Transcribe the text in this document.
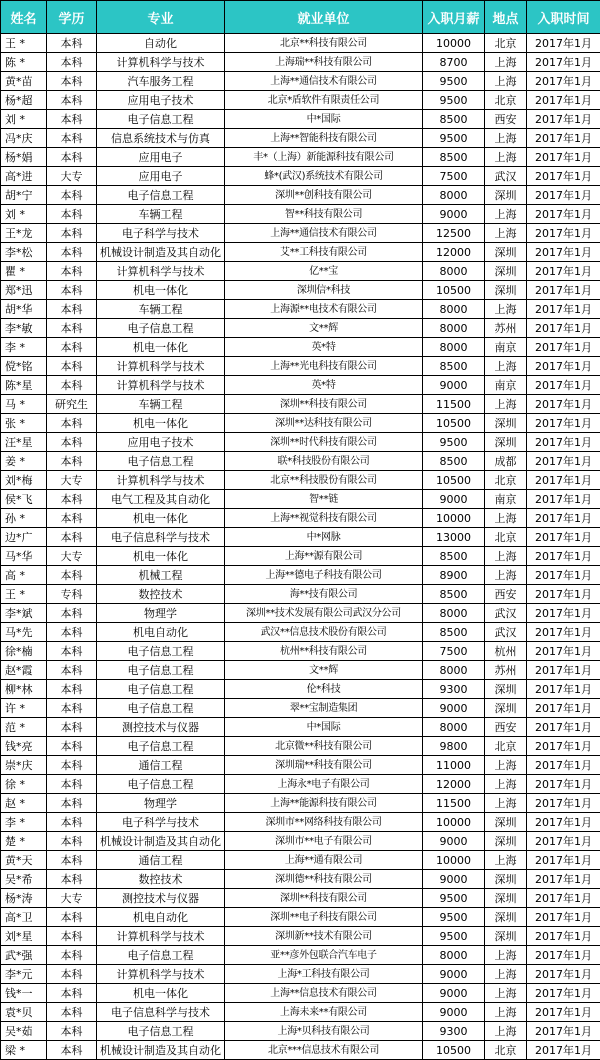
姓名	学历	专业	就业单位	入职月薪	地点	入职时间
王 *	本科	自动化	北京**科技有限公司	10000	北京	2017年1月
陈 *	本科	计算机科学与技术	上海瑞**科技有限公司	8700	上海	2017年1月
黄*苗	本科	汽车服务工程	上海**通信技术有限公司	9500	上海	2017年1月
杨*超	本科	应用电子技术	北京*盾软件有限责任公司	9500	北京	2017年1月
刘 *	本科	电子信息工程	中*国际	8500	西安	2017年1月
冯*庆	本科	信息系统技术与仿真	上海**智能科技有限公司	9500	上海	2017年1月
杨*娟	本科	应用电子	丰*（上海）新能源科技有限公司	8500	上海	2017年1月
高*进	大专	应用电子	蜂*(武汉)系统技术有限公司	7500	武汉	2017年1月
胡*宁	本科	电子信息工程	深圳**创科技有限公司	8000	深圳	2017年1月
刘 *	本科	车辆工程	智**科技有限公司	9000	上海	2017年1月
王*龙	本科	电子科学与技术	上海**通信技术有限公司	12500	上海	2017年1月
李*松	本科	机械设计制造及其自动化	艾**工科技有限公司	12000	深圳	2017年1月
瞿 *	本科	计算机科学与技术	亿**宝	8000	深圳	2017年1月
郑*迅	本科	机电一体化	深圳信*科技	10500	深圳	2017年1月
胡*华	本科	车辆工程	上海源**电技术有限公司	8000	上海	2017年1月
李*敏	本科	电子信息工程	文**辉	8000	苏州	2017年1月
李 *	本科	机电一体化	英*特	8000	南京	2017年1月
傥*铭	本科	计算机科学与技术	上海**光电科技有限公司	8500	上海	2017年1月
陈*星	本科	计算机科学与技术	英*特	9000	南京	2017年1月
马 *	研究生	车辆工程	深圳**科技有限公司	11500	上海	2017年1月
张 *	本科	机电一体化	深圳**达科技有限公司	10500	深圳	2017年1月
汪*星	本科	应用电子技术	深圳**时代科技有限公司	9500	深圳	2017年1月
姜 *	本科	电子信息工程	联*科技股份有限公司	8500	成都	2017年1月
刘*梅	大专	计算机科学与技术	北京**科技股份有限公司	10500	北京	2017年1月
侯*飞	本科	电气工程及其自动化	智**链	9000	南京	2017年1月
孙 *	本科	机电一体化	上海**视觉科技有限公司	10000	上海	2017年1月
边*广	本科	电子信息科学与技术	中*网脉	13000	北京	2017年1月
马*华	大专	机电一体化	上海**源有限公司	8500	上海	2017年1月
高 *	本科	机械工程	上海**德电子科技有限公司	8900	上海	2017年1月
王 *	专科	数控技术	海**技有限公司	8500	西安	2017年1月
李*斌	本科	物理学	深圳**技术发展有限公司武汉分公司	8000	武汉	2017年1月
马*先	本科	机电自动化	武汉**信息技术股份有限公司	8500	武汉	2017年1月
徐*楠	本科	电子信息工程	杭州**科技有限公司	7500	杭州	2017年1月
赵*霞	本科	电子信息工程	文**辉	8000	苏州	2017年1月
柳*林	本科	电子信息工程	伦*科技	9300	深圳	2017年1月
许 *	本科	电子信息工程	翠**宝制造集团	9000	深圳	2017年1月
范 *	本科	测控技术与仪器	中*国际	8000	西安	2017年1月
钱*亮	本科	电子信息工程	北京微**科技有限公司	9800	北京	2017年1月
崇*庆	本科	通信工程	深圳瑞**科技有限公司	11000	上海	2017年1月
徐 *	本科	电子信息工程	上海永*电子有限公司	12000	上海	2017年1月
赵 *	本科	物理学	上海**能源科技有限公司	11500	上海	2017年1月
李 *	本科	电子科学与技术	深圳市**网络科技有限公司	10000	深圳	2017年1月
楚 *	本科	机械设计制造及其自动化	深圳市**电子有限公司	9000	深圳	2017年1月
黄*天	本科	通信工程	上海**通有限公司	10000	上海	2017年1月
吴*希	本科	数控技术	深圳德**科技有限公司	9000	深圳	2017年1月
杨*涛	大专	测控技术与仪器	深圳**科技有限公司	9500	深圳	2017年1月
高*卫	本科	机电自动化	深圳**电子科技有限公司	9500	深圳	2017年1月
刘*星	本科	计算机科学与技术	深圳新**技术有限公司	9500	深圳	2017年1月
武*强	本科	电子信息工程	亚**彦外包联合汽车电子	8000	上海	2017年1月
李*元	本科	计算机科学与技术	上海*工科技有限公司	9000	上海	2017年1月
钱*一	本科	机电一体化	上海**信息技术有限公司	9000	上海	2017年1月
袁*贝	本科	电子信息科学与技术	上海未来**有限公司	9000	上海	2017年1月
吴*茹	本科	电子信息工程	上海*贝科技有限公司	9300	上海	2017年1月
梁 *	本科	机械设计制造及其自动化	北京***信息技术有限公司	10500	北京	2017年1月
